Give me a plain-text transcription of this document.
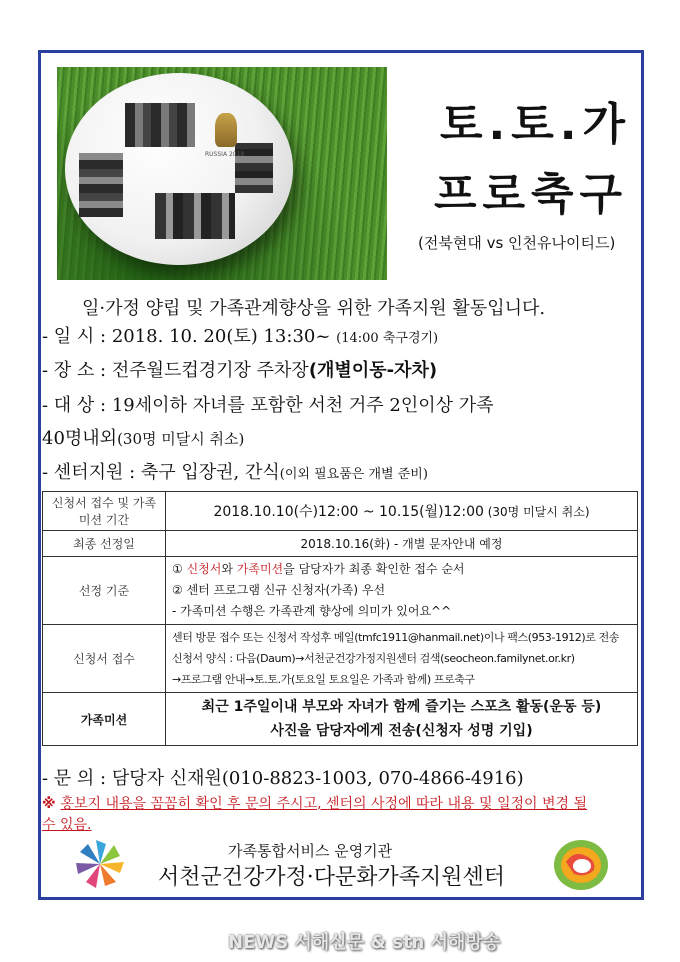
RUSSIA 2018
토.토.가
프로축구
(전북현대 vs 인천유나이티드)
일·가정 양립 및 가족관계향상을 위한 가족지원 활동입니다.
- 일 시 : 2018. 10. 20(토) 13:30~ (14:00 축구경기)
- 장 소 : 전주월드컵경기장 주차장(개별이동-자차)
- 대 상 : 19세이하 자녀를 포함한 서천 거주 2인이상 가족
40명내외(30명 미달시 취소)
- 센터지원 : 축구 입장권, 간식(이외 필요품은 개별 준비)
신청서 접수 및 가족미션 기간	2018.10.10(수)12:00 ~ 10.15(월)12:00 (30명 미달시 취소)
최종 선정일	2018.10.16(화) - 개별 문자안내 예정
선정 기준	① 신청서와 가족미션을 담당자가 최종 확인한 접수 순서
② 센터 프로그램 신규 신청자(가족) 우선
- 가족미션 수행은 가족관계 향상에 의미가 있어요^^

신청서 접수	센터 방문 접수 또는 신청서 작성후 메일(tmfc1911@hanmail.net)이나 팩스(953-1912)로 전송
신청서 양식 : 다음(Daum)→서천군건강가정지원센터 검색(seocheon.familynet.or.kr)
→프로그램 안내→토.토.가(토요일 토요일은 가족과 함께) 프로축구

가족미션	최근 1주일이내 부모와 자녀가 함께 즐기는 스포츠 활동(운동 등)
사진을 담당자에게 전송(신청자 성명 기입)
- 문 의 : 담당자 신재원(010-8823-1003, 070-4866-4916)
※ 홍보지 내용을 꼼꼼히 확인 후 문의 주시고, 센터의 사정에 따라 내용 및 일정이 변경 될 수 있음.
가족통합서비스 운영기관
서천군건강가정·다문화가족지원센터
NEWS 서해신문 & stn 서해방송
